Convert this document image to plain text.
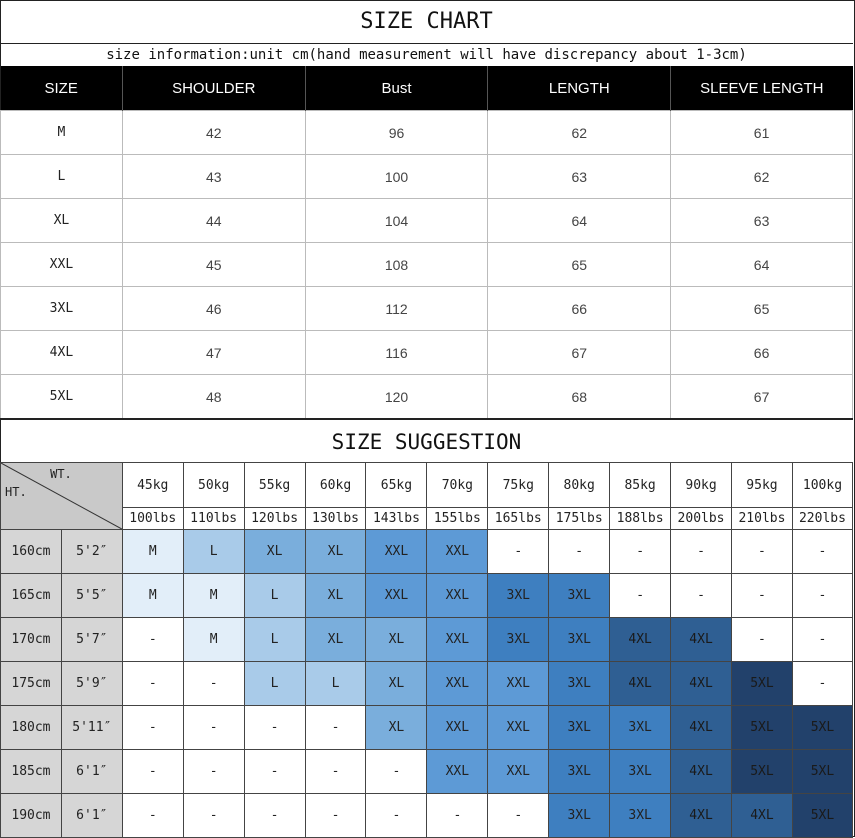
SIZE CHART
size information:unit cm(hand measurement will have discrepancy about 1-3cm)
SIZE	SHOULDER	Bust	LENGTH	SLEEVE LENGTH
M	42	96	62	61
L	43	100	63	62
XL	44	104	64	63
XXL	45	108	65	64
3XL	46	112	66	65
4XL	47	116	67	66
5XL	48	120	68	67
SIZE SUGGESTION
WT.
HT.		45kg	50kg	55kg	60kg	65kg	70kg	75kg	80kg	85kg	90kg	95kg	100kg
		100lbs	110lbs	120lbs	130lbs	143lbs	155lbs	165lbs	175lbs	188lbs	200lbs	210lbs	220lbs
160cm	5'2″	M	L	XL	XL	XXL	XXL	-	-	-	-	-	-
165cm	5'5″	M	M	L	XL	XXL	XXL	3XL	3XL	-	-	-	-
170cm	5'7″	-	M	L	XL	XL	XXL	3XL	3XL	4XL	4XL	-	-
175cm	5'9″	-	-	L	L	XL	XXL	XXL	3XL	4XL	4XL	5XL	-
180cm	5'11″	-	-	-	-	XL	XXL	XXL	3XL	3XL	4XL	5XL	5XL
185cm	6'1″	-	-	-	-	-	XXL	XXL	3XL	3XL	4XL	5XL	5XL
190cm	6'1″	-	-	-	-	-	-	-	3XL	3XL	4XL	4XL	5XL
